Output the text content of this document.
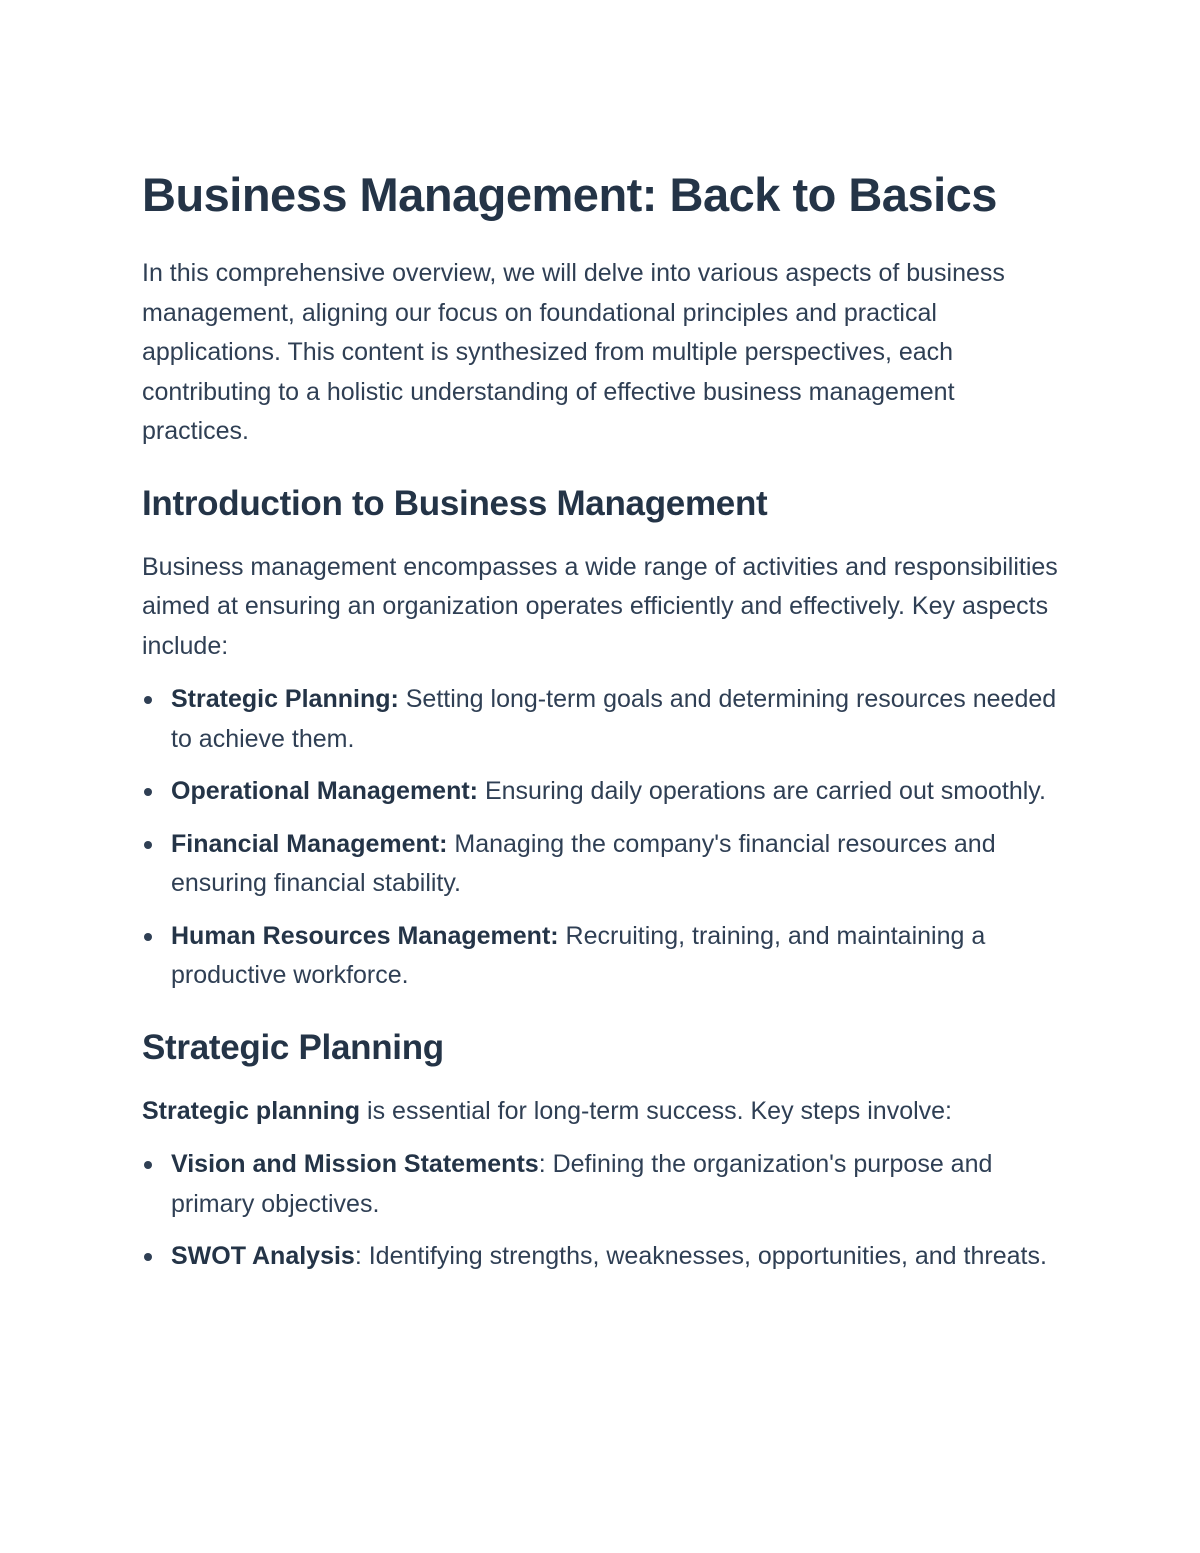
Business Management: Back to Basics

In this comprehensive overview, we will delve into various aspects of business management, aligning our focus on foundational principles and practical applications. This content is synthesized from multiple perspectives, each contributing to a holistic understanding of effective business management practices.

Introduction to Business Management

Business management encompasses a wide range of activities and responsibilities aimed at ensuring an organization operates efficiently and effectively. Key aspects include:

Strategic Planning: Setting long-term goals and determining resources needed to achieve them.
Operational Management: Ensuring daily operations are carried out smoothly.
Financial Management: Managing the company's financial resources and ensuring financial stability.
Human Resources Management: Recruiting, training, and maintaining a productive workforce.
Strategic Planning

Strategic planning is essential for long-term success. Key steps involve:

Vision and Mission Statements: Defining the organization's purpose and primary objectives.
SWOT Analysis: Identifying strengths, weaknesses, opportunities, and threats.
